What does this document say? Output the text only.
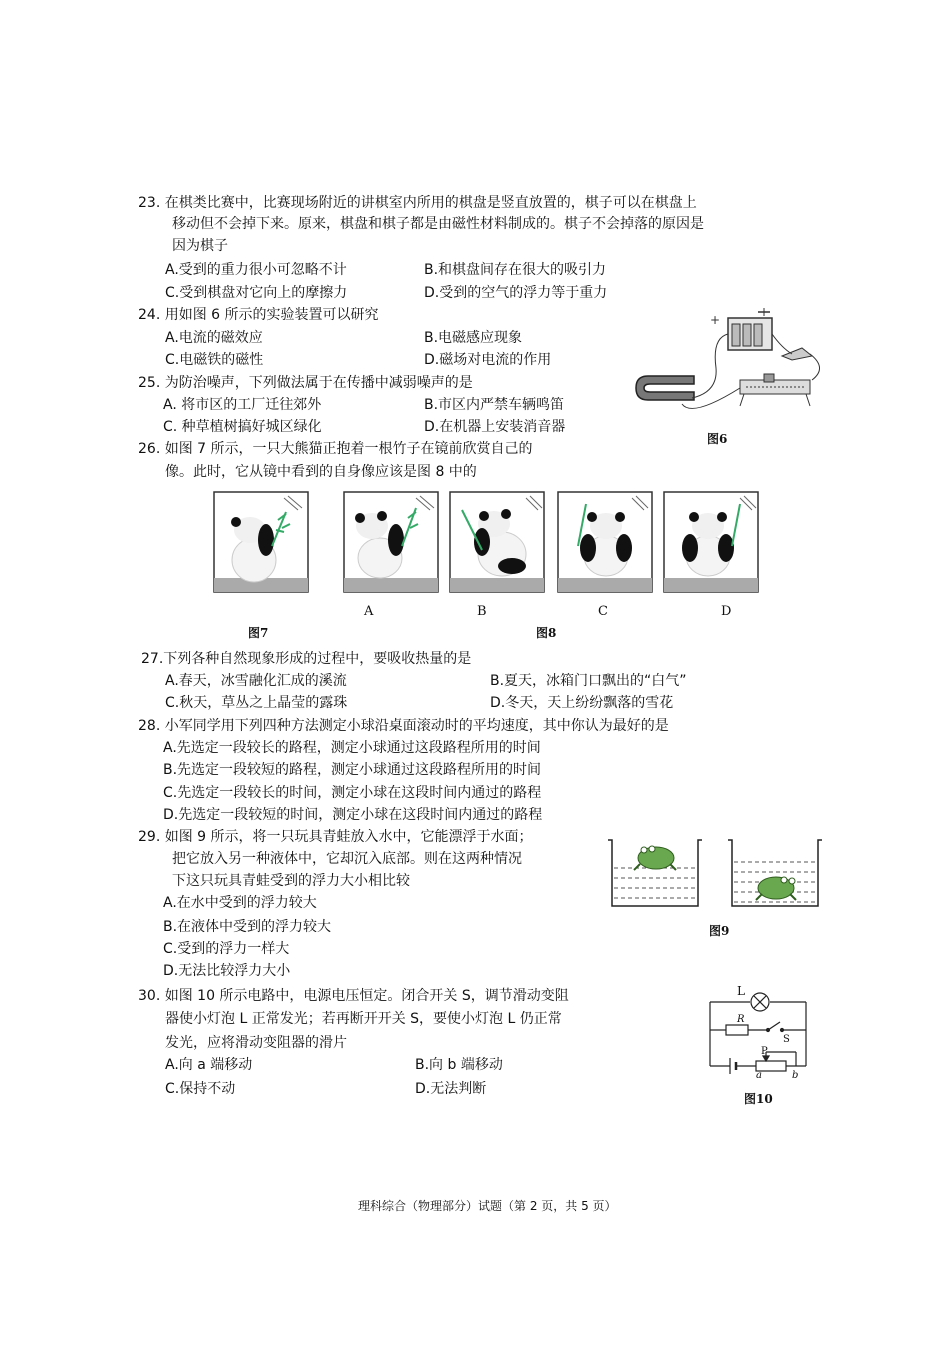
23. 在棋类比赛中，比赛现场附近的讲棋室内所用的棋盘是竖直放置的，棋子可以在棋盘上
移动但不会掉下来。原来，棋盘和棋子都是由磁性材料制成的。棋子不会掉落的原因是
因为棋子
A.受到的重力很小可忽略不计	B.和棋盘间存在很大的吸引力
C.受到棋盘对它向上的摩擦力	D.受到的空气的浮力等于重力
24. 用如图 6 所示的实验装置可以研究
A.电流的磁效应	B.电磁感应现象
C.电磁铁的磁性	D.磁场对电流的作用
+
图6
25. 为防治噪声，下列做法属于在传播中减弱噪声的是
A. 将市区的工厂迁往郊外	B.市区内严禁车辆鸣笛
C. 种草植树搞好城区绿化	D.在机器上安装消音器
26. 如图 7 所示，一只大熊猫正抱着一根竹子在镜前欣赏自己的
像。此时，它从镜中看到的自身像应该是图 8 中的
A	B	C	D
图7	图8
27.下列各种自然现象形成的过程中，要吸收热量的是
A.春天，冰雪融化汇成的溪流	B.夏天，冰箱门口飘出的“白气”
C.秋天，草丛之上晶莹的露珠	D.冬天，天上纷纷飘落的雪花
28. 小军同学用下列四种方法测定小球沿桌面滚动时的平均速度，其中你认为最好的是
A.先选定一段较长的路程，测定小球通过这段路程所用的时间
B.先选定一段较短的路程，测定小球通过这段路程所用的时间
C.先选定一段较长的时间，测定小球在这段时间内通过的路程
D.先选定一段较短的时间，测定小球在这段时间内通过的路程
29. 如图 9 所示，将一只玩具青蛙放入水中，它能漂浮于水面；
把它放入另一种液体中，它却沉入底部。则在这两种情况
下这只玩具青蛙受到的浮力大小相比较
A.在水中受到的浮力较大
B.在液体中受到的浮力较大
C.受到的浮力一样大
D.无法比较浮力大小
图9
30. 如图 10 所示电路中，电源电压恒定。闭合开关 S，调节滑动变阻
器使小灯泡 L 正常发光；若再断开开关 S，要使小灯泡 L 仍正常
发光，应将滑动变阻器的滑片
A.向 a 端移动	B.向 b 端移动
C.保持不动	D.无法判断
L
R
S
P
a	b
图10
理科综合（物理部分）试题（第 2 页，共 5 页）
